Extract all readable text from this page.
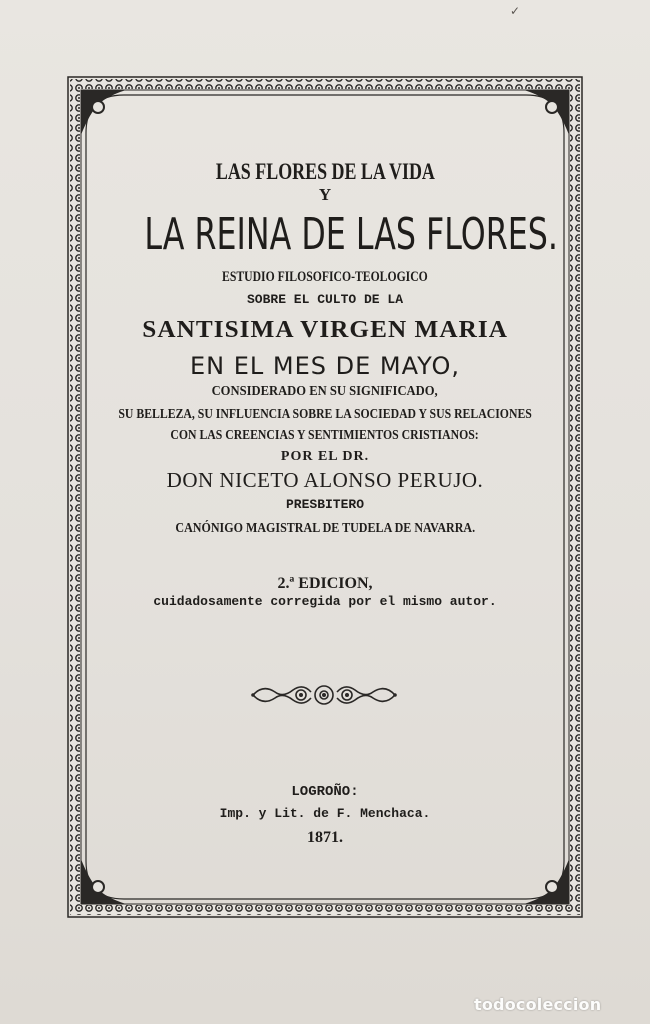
✓
LAS FLORES DE LA VIDA
Y
LA REINA DE LAS FLORES.
ESTUDIO FILOSOFICO-TEOLOGICO
SOBRE EL CULTO DE LA
SANTISIMA VIRGEN MARIA
EN EL MES DE MAYO,
CONSIDERADO EN SU SIGNIFICADO,
SU BELLEZA, SU INFLUENCIA SOBRE LA SOCIEDAD Y SUS RELACIONES
CON LAS CREENCIAS Y SENTIMIENTOS CRISTIANOS:
POR EL DR.
DON NICETO ALONSO PERUJO.
PRESBITERO
CANÓNIGO MAGISTRAL DE TUDELA DE NAVARRA.
2.ª EDICION,
cuidadosamente corregida por el mismo autor.
LOGROÑO:
Imp. y Lit. de F. Menchaca.
1871.
todocoleccion
